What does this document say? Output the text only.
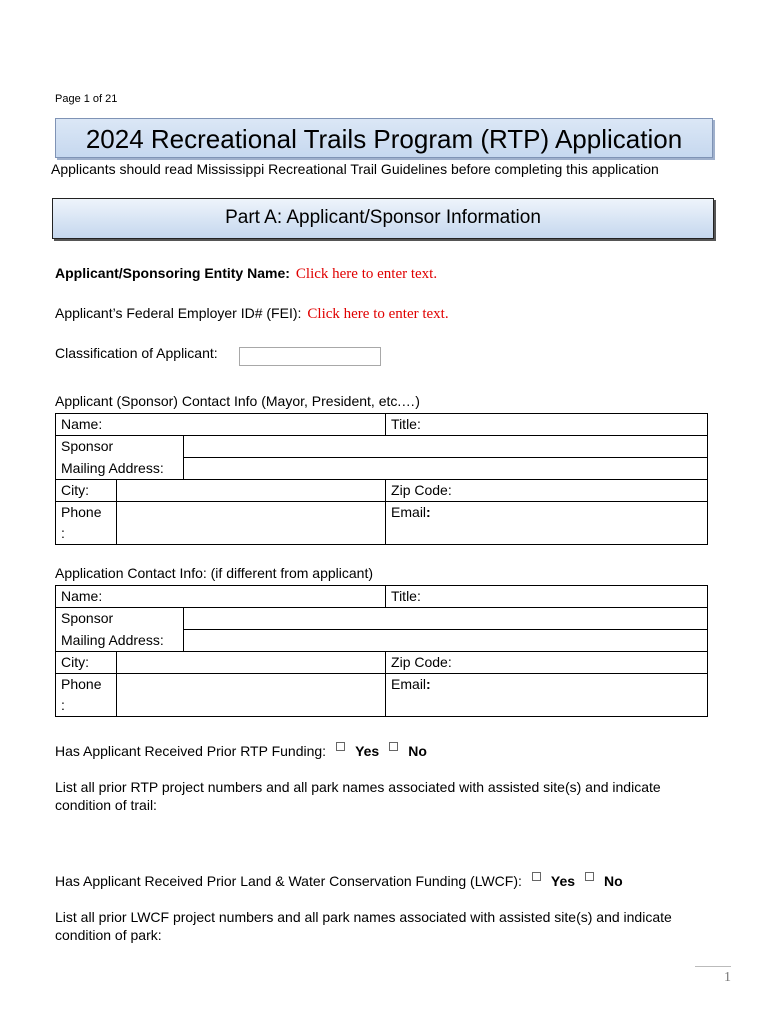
Page 1 of 21
2024 Recreational Trails Program (RTP) Application
Applicants should read Mississippi Recreational Trail Guidelines before completing this application
Part A: Applicant/Sponsor Information
Applicant/Sponsoring Entity Name: Click here to enter text.
Applicant’s Federal Employer ID# (FEI): Click here to enter text.
Classification of Applicant:
Applicant (Sponsor) Contact Info (Mayor, President, etc.…)
Name:			Title:
Sponsor			
Mailing Address:			
City:			Zip Code:
Phone
:			Email:
Application Contact Info: (if different from applicant)
Name:			Title:
Sponsor			
Mailing Address:			
City:			Zip Code:
Phone
:			Email:
Has Applicant Received Prior RTP Funding: Yes No
List all prior RTP project numbers and all park names associated with assisted site(s) and indicate condition of trail:
Has Applicant Received Prior Land & Water Conservation Funding (LWCF): Yes No
List all prior LWCF project numbers and all park names associated with assisted site(s) and indicate condition of park:
1
